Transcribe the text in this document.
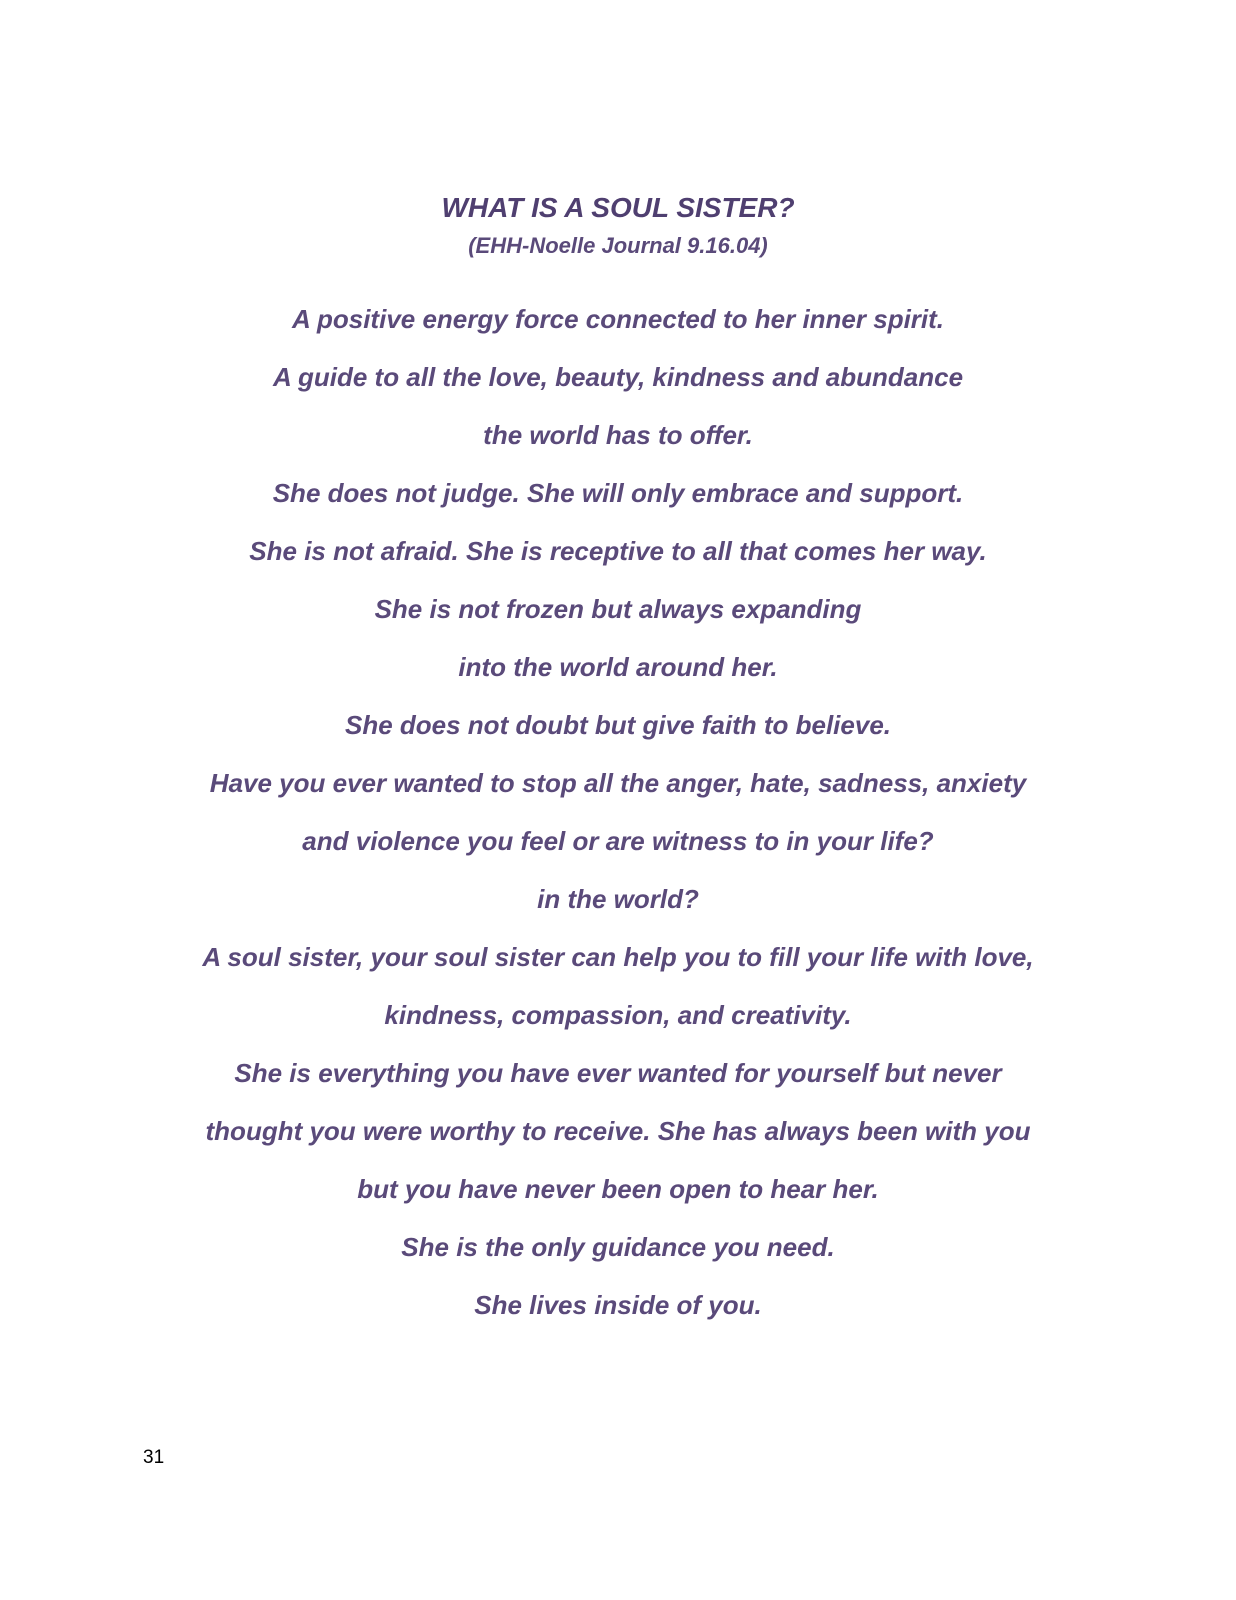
WHAT IS A SOUL SISTER?
(EHH-Noelle Journal 9.16.04)
A positive energy force connected to her inner spirit.
A guide to all the love, beauty, kindness and abundance
the world has to offer.
She does not judge. She will only embrace and support.
She is not afraid. She is receptive to all that comes her way.
She is not frozen but always expanding
into the world around her.
She does not doubt but give faith to believe.
Have you ever wanted to stop all the anger, hate, sadness, anxiety
and violence you feel or are witness to in your life?
in the world?
A soul sister, your soul sister can help you to fill your life with love,
kindness, compassion, and creativity.
She is everything you have ever wanted for yourself but never
thought you were worthy to receive. She has always been with you
but you have never been open to hear her.
She is the only guidance you need.
She lives inside of you.
31
